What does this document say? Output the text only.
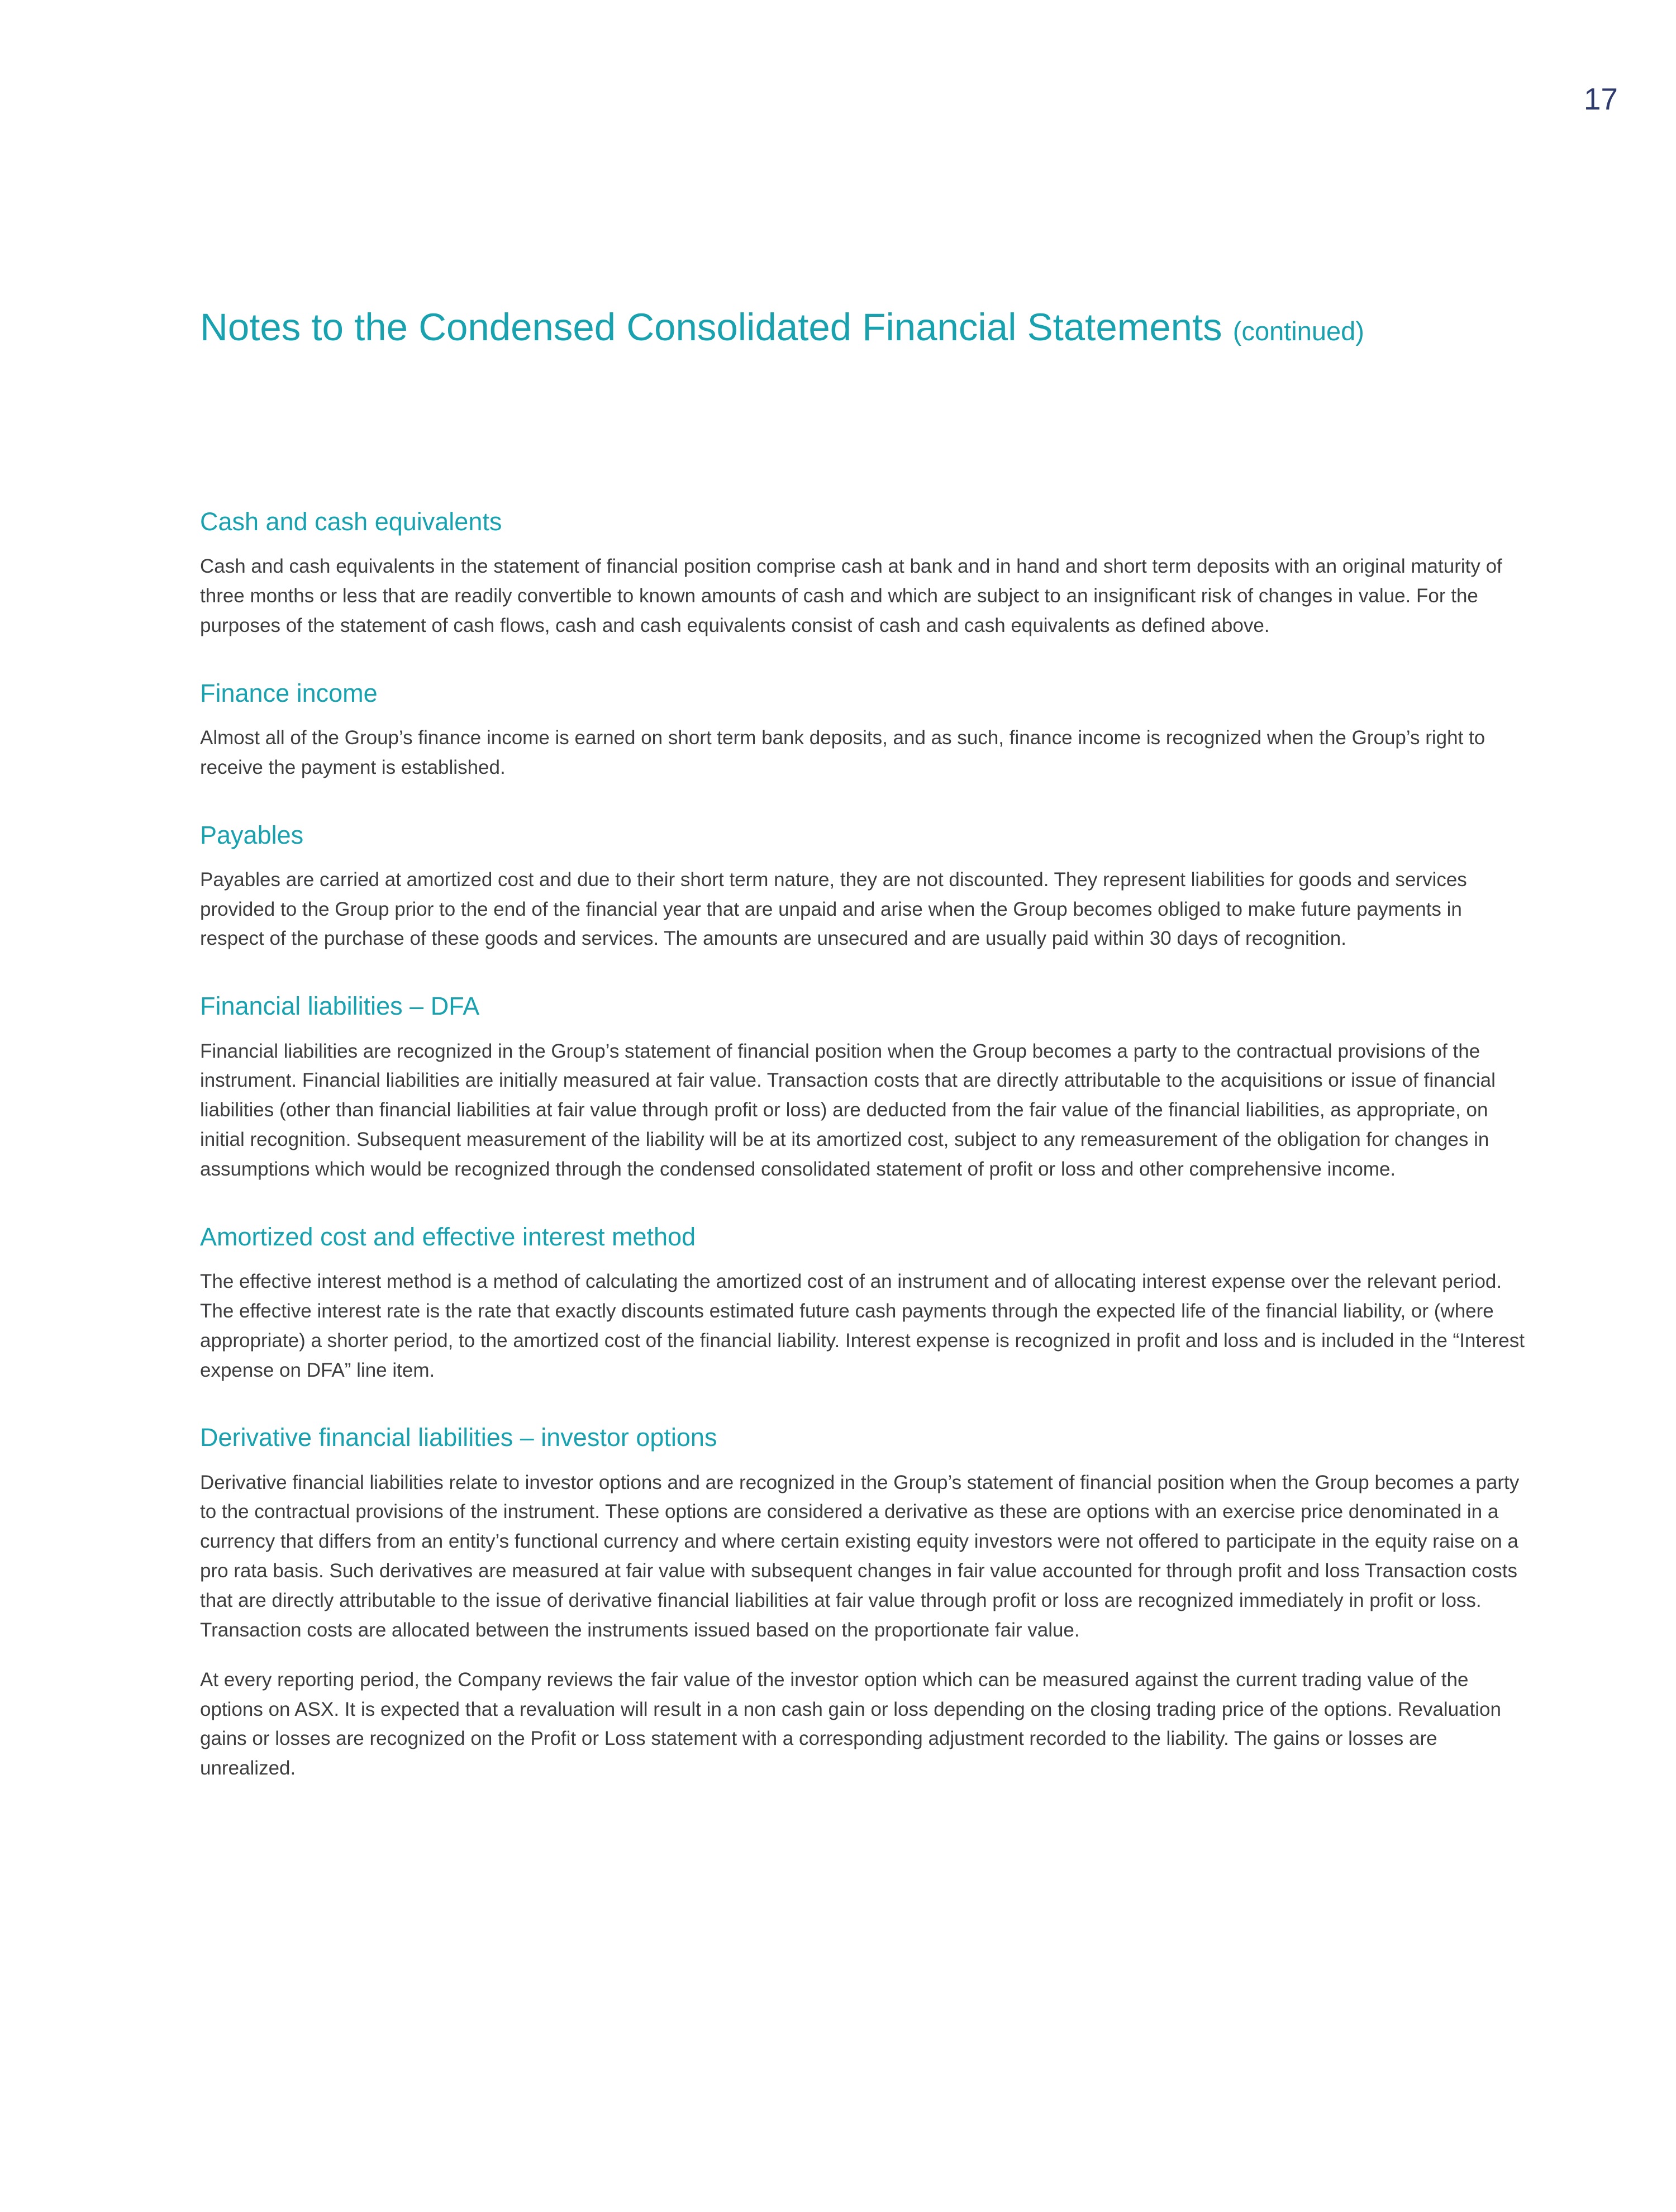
17
Notes to the Condensed Consolidated Financial Statements (continued)
Cash and cash equivalents

Cash and cash equivalents in the statement of financial position comprise cash at bank and in hand and short term deposits with an original maturity of three months or less that are readily convertible to known amounts of cash and which are subject to an insignificant risk of changes in value. For the purposes of the statement of cash flows, cash and cash equivalents consist of cash and cash equivalents as defined above.

Finance income

Almost all of the Group’s finance income is earned on short term bank deposits, and as such, finance income is recognized when the Group’s right to receive the payment is established.

Payables

Payables are carried at amortized cost and due to their short term nature, they are not discounted. They represent liabilities for goods and services provided to the Group prior to the end of the financial year that are unpaid and arise when the Group becomes obliged to make future payments in respect of the purchase of these goods and services. The amounts are unsecured and are usually paid within 30 days of recognition.

Financial liabilities – DFA

Financial liabilities are recognized in the Group’s statement of financial position when the Group becomes a party to the contractual provisions of the instrument. Financial liabilities are initially measured at fair value. Transaction costs that are directly attributable to the acquisitions or issue of financial liabilities (other than financial liabilities at fair value through profit or loss) are deducted from the fair value of the financial liabilities, as appropriate, on initial recognition. Subsequent measurement of the liability will be at its amortized cost, subject to any remeasurement of the obligation for changes in assumptions which would be recognized through the condensed consolidated statement of profit or loss and other comprehensive income.

Amortized cost and effective interest method

The effective interest method is a method of calculating the amortized cost of an instrument and of allocating interest expense over the relevant period. The effective interest rate is the rate that exactly discounts estimated future cash payments through the expected life of the financial liability, or (where appropriate) a shorter period, to the amortized cost of the financial liability. Interest expense is recognized in profit and loss and is included in the “Interest expense on DFA” line item.

Derivative financial liabilities – investor options

Derivative financial liabilities relate to investor options and are recognized in the Group’s statement of financial position when the Group becomes a party to the contractual provisions of the instrument. These options are considered a derivative as these are options with an exercise price denominated in a currency that differs from an entity’s functional currency and where certain existing equity investors were not offered to participate in the equity raise on a pro rata basis. Such derivatives are measured at fair value with subsequent changes in fair value accounted for through profit and loss Transaction costs that are directly attributable to the issue of derivative financial liabilities at fair value through profit or loss are recognized immediately in profit or loss. Transaction costs are allocated between the instruments issued based on the proportionate fair value.

At every reporting period, the Company reviews the fair value of the investor option which can be measured against the current trading value of the options on ASX. It is expected that a revaluation will result in a non cash gain or loss depending on the closing trading price of the options. Revaluation gains or losses are recognized on the Profit or Loss statement with a corresponding adjustment recorded to the liability. The gains or losses are unrealized.
